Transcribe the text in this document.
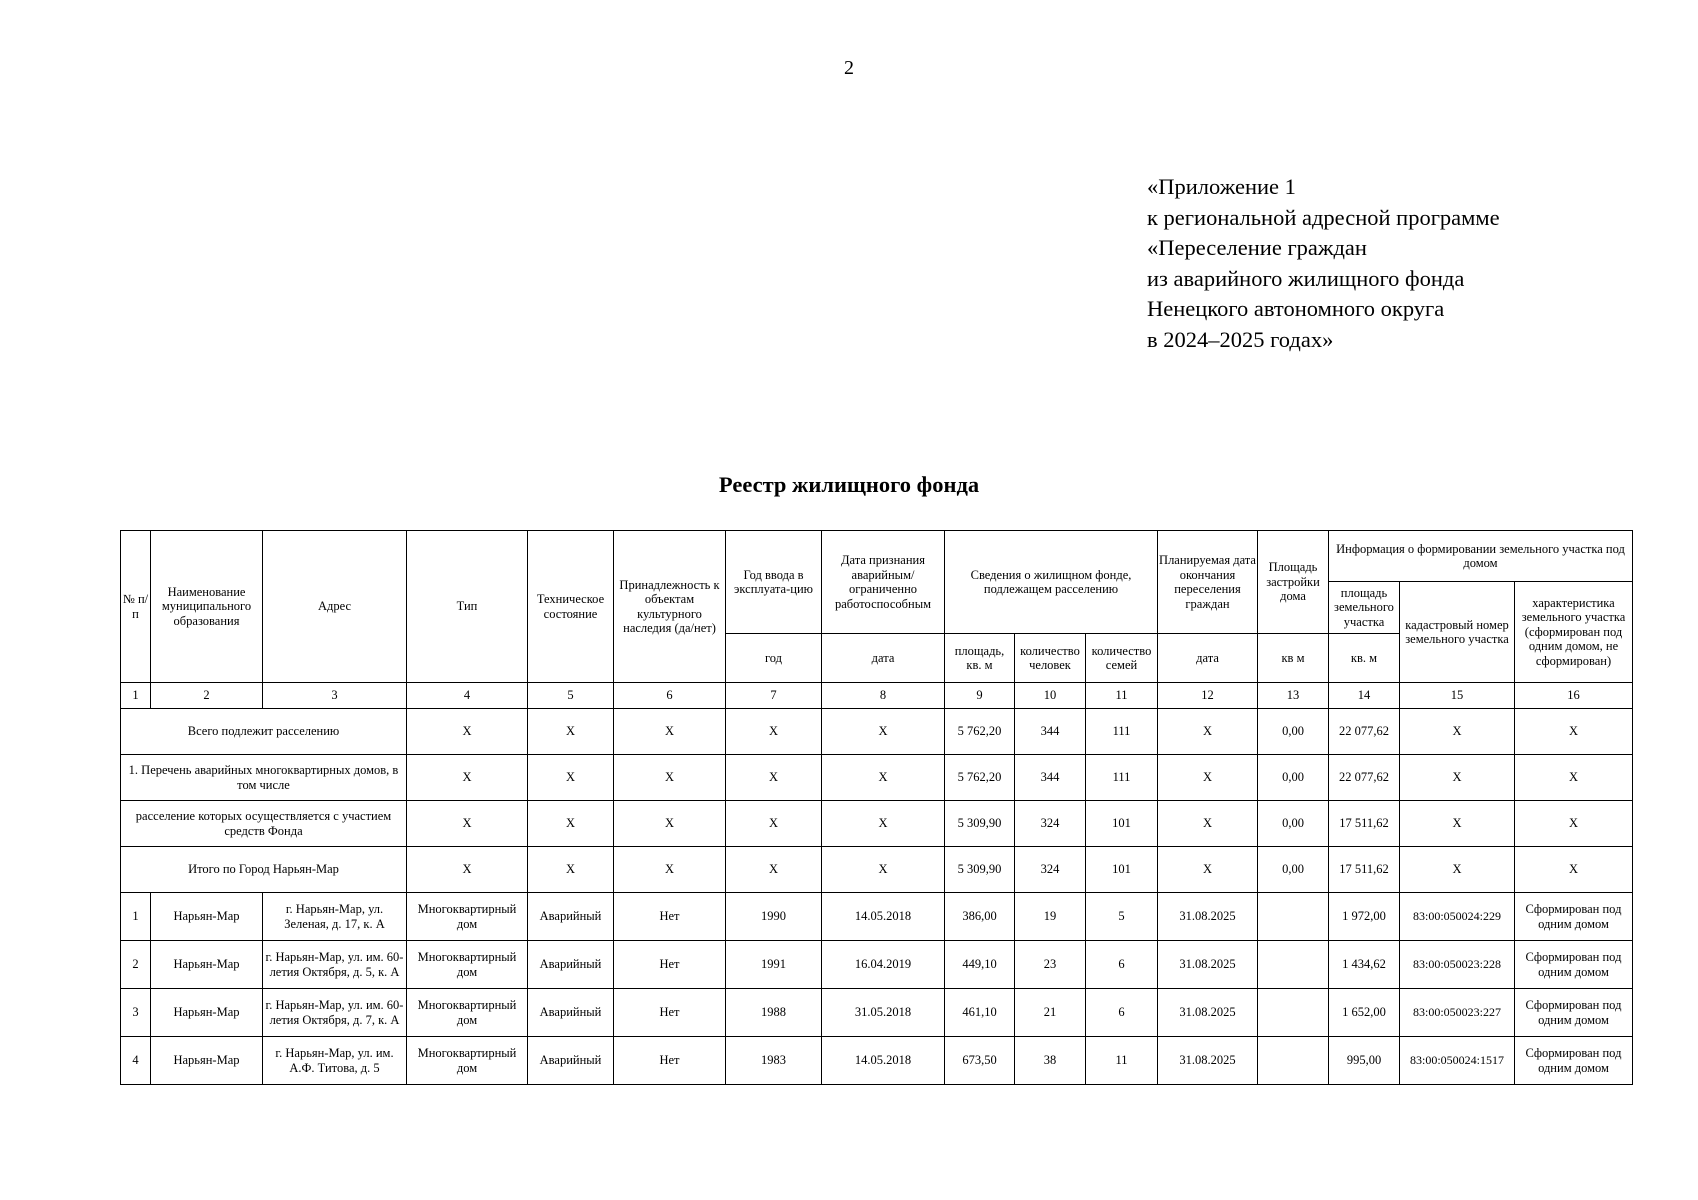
2
«Приложение 1
к региональной адресной программе
«Переселение граждан
из аварийного жилищного фонда
Ненецкого автономного округа
в 2024–2025 годах»
Реестр жилищного фонда
№ п/п	Наименование муниципального образования	Адрес	Тип	Техническое состояние	Принадлежность к объектам культурного наследия (да/нет)	Год ввода в эксплуата-цию	Дата признания аварийным/ ограниченно работоспособным	Сведения о жилищном фонде, подлежащем расселению			Планируемая дата окончания переселения граждан	Площадь застройки дома	Информация о формировании земельного участка под домом		
													площадь земельного участка	кадастровый номер земельного участка	характеристика земельного участка (сформирован под одним домом, не сформирован)
						год	дата	площадь, кв. м	количество человек	количество семей	дата	кв м	кв. м		
1	2	3	4	5	6	7	8	9	10	11	12	13	14	15	16
Всего подлежит расселению			X	X	X	X	X	5 762,20	344	111	X	0,00	22 077,62	X	X
1. Перечень аварийных многоквартирных домов, в том числе			X	X	X	X	X	5 762,20	344	111	X	0,00	22 077,62	X	X
расселение которых осуществляется с участием средств Фонда			X	X	X	X	X	5 309,90	324	101	X	0,00	17 511,62	X	X
Итого по Город Нарьян-Мар			X	X	X	X	X	5 309,90	324	101	X	0,00	17 511,62	X	X
1	Нарьян-Мар	г. Нарьян-Мар, ул. Зеленая, д. 17, к. А	Многоквартирный дом	Аварийный	Нет	1990	14.05.2018	386,00	19	5	31.08.2025		1 972,00	83:00:050024:229	Сформирован под одним домом
2	Нарьян-Мар	г. Нарьян-Мар, ул. им. 60-летия Октября, д. 5, к. А	Многоквартирный дом	Аварийный	Нет	1991	16.04.2019	449,10	23	6	31.08.2025		1 434,62	83:00:050023:228	Сформирован под одним домом
3	Нарьян-Мар	г. Нарьян-Мар, ул. им. 60-летия Октября, д. 7, к. А	Многоквартирный дом	Аварийный	Нет	1988	31.05.2018	461,10	21	6	31.08.2025		1 652,00	83:00:050023:227	Сформирован под одним домом
4	Нарьян-Мар	г. Нарьян-Мар, ул. им. А.Ф. Титова, д. 5	Многоквартирный дом	Аварийный	Нет	1983	14.05.2018	673,50	38	11	31.08.2025		995,00	83:00:050024:1517	Сформирован под одним домом
